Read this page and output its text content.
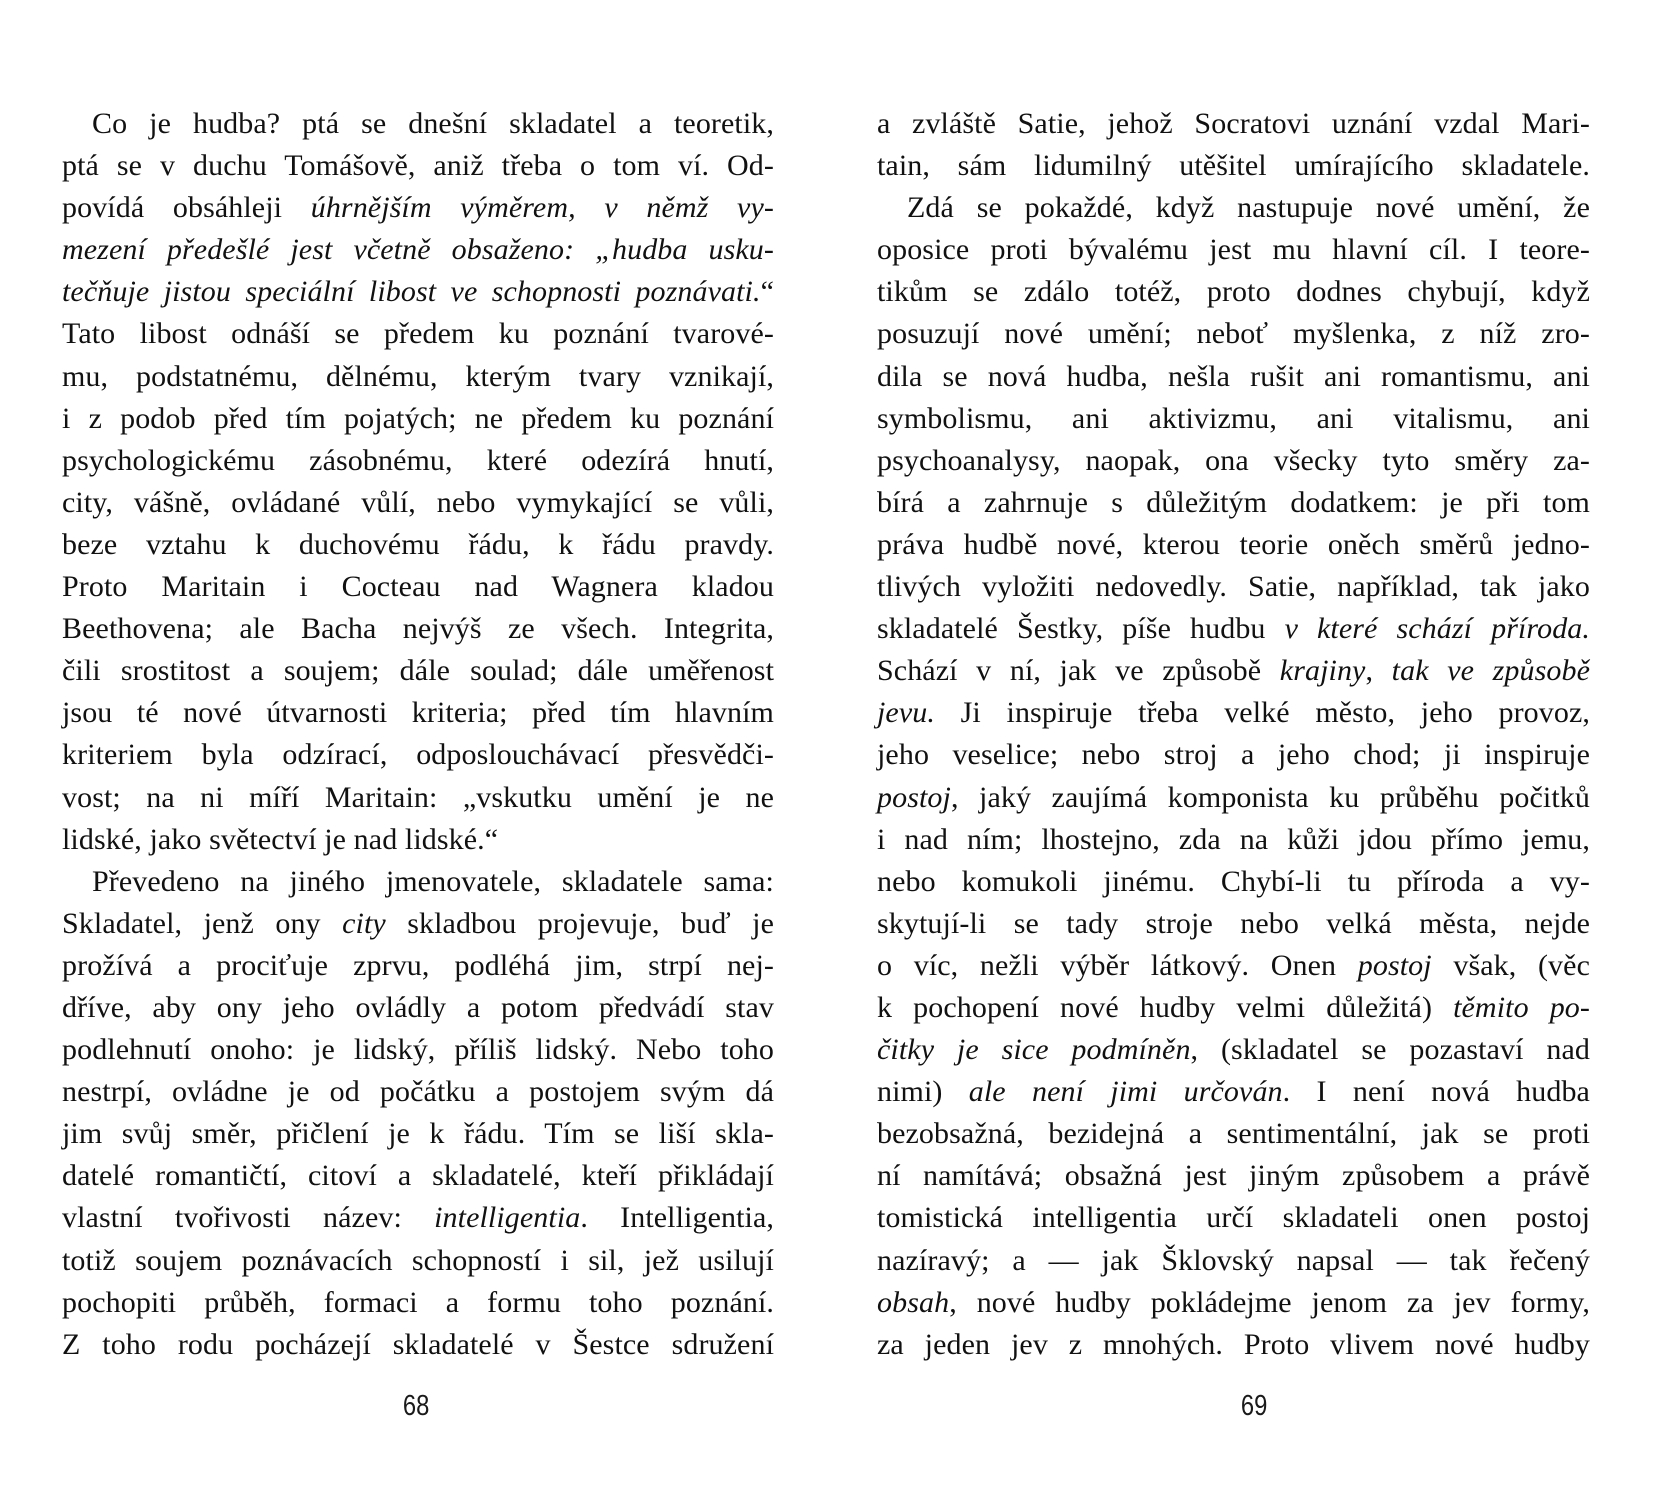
Co je hudba? ptá se dnešní skladatel a teoretik,
ptá se v duchu Tomášově, aniž třeba o tom ví. Od-
povídá obsáhleji úhrnějším výměrem, v němž vy-
mezení předešlé jest včetně obsaženo: „hudba usku-
tečňuje jistou speciální libost ve schopnosti poznávati.“
Tato libost odnáší se předem ku poznání tvarové-
mu, podstatnému, dělnému, kterým tvary vznikají,
i z podob před tím pojatých; ne předem ku poznání
psychologickému zásobnému, které odezírá hnutí,
city, vášně, ovládané vůlí, nebo vymykající se vůli,
beze vztahu k duchovému řádu, k řádu pravdy.
Proto Maritain i Cocteau nad Wagnera kladou
Beethovena; ale Bacha nejvýš ze všech. Integrita,
čili srostitost a soujem; dále soulad; dále uměřenost
jsou té nové útvarnosti kriteria; před tím hlavním
kriteriem byla odzírací, odposlouchávací přesvědči-
vost; na ni míří Maritain: „vskutku umění je ne
lidské, jako světectví je nad lidské.“
Převedeno na jiného jmenovatele, skladatele sama:
Skladatel, jenž ony city skladbou projevuje, buď je
prožívá a prociťuje zprvu, podléhá jim, strpí nej-
dříve, aby ony jeho ovládly a potom předvádí stav
podlehnutí onoho: je lidský, příliš lidský. Nebo toho
nestrpí, ovládne je od počátku a postojem svým dá
jim svůj směr, přičlení je k řádu. Tím se liší skla-
datelé romantičtí, citoví a skladatelé, kteří přikládají
vlastní tvořivosti název: intelligentia. Intelligentia,
totiž soujem poznávacích schopností i sil, jež usilují
pochopiti průběh, formaci a formu toho poznání.
Z toho rodu pocházejí skladatelé v Šestce sdružení
a zvláště Satie, jehož Socratovi uznání vzdal Mari-
tain, sám lidumilný utěšitel umírajícího skladatele.
Zdá se pokaždé, když nastupuje nové umění, že
oposice proti bývalému jest mu hlavní cíl. I teore-
tikům se zdálo totéž, proto dodnes chybují, když
posuzují nové umění; neboť myšlenka, z níž zro-
dila se nová hudba, nešla rušit ani romantismu, ani
symbolismu, ani aktivizmu, ani vitalismu, ani
psychoanalysy, naopak, ona všecky tyto směry za-
bírá a zahrnuje s důležitým dodatkem: je při tom
práva hudbě nové, kterou teorie oněch směrů jedno-
tlivých vyložiti nedovedly. Satie, například, tak jako
skladatelé Šestky, píše hudbu v které schází příroda.
Schází v ní, jak ve způsobě krajiny, tak ve způsobě
jevu. Ji inspiruje třeba velké město, jeho provoz,
jeho veselice; nebo stroj a jeho chod; ji inspiruje
postoj, jaký zaujímá komponista ku průběhu počitků
i nad ním; lhostejno, zda na kůži jdou přímo jemu,
nebo komukoli jinému. Chybí-li tu příroda a vy-
skytují-li se tady stroje nebo velká města, nejde
o víc, nežli výběr látkový. Onen postoj však, (věc
k pochopení nové hudby velmi důležitá) těmito po-
čitky je sice podmíněn, (skladatel se pozastaví nad
nimi) ale není jimi určován. I není nová hudba
bezobsažná, bezidejná a sentimentální, jak se proti
ní namítává; obsažná jest jiným způsobem a právě
tomistická intelligentia určí skladateli onen postoj
nazíravý; a — jak Šklovský napsal — tak řečený
obsah, nové hudby pokládejme jenom za jev formy,
za jeden jev z mnohých. Proto vlivem nové hudby
68	69
